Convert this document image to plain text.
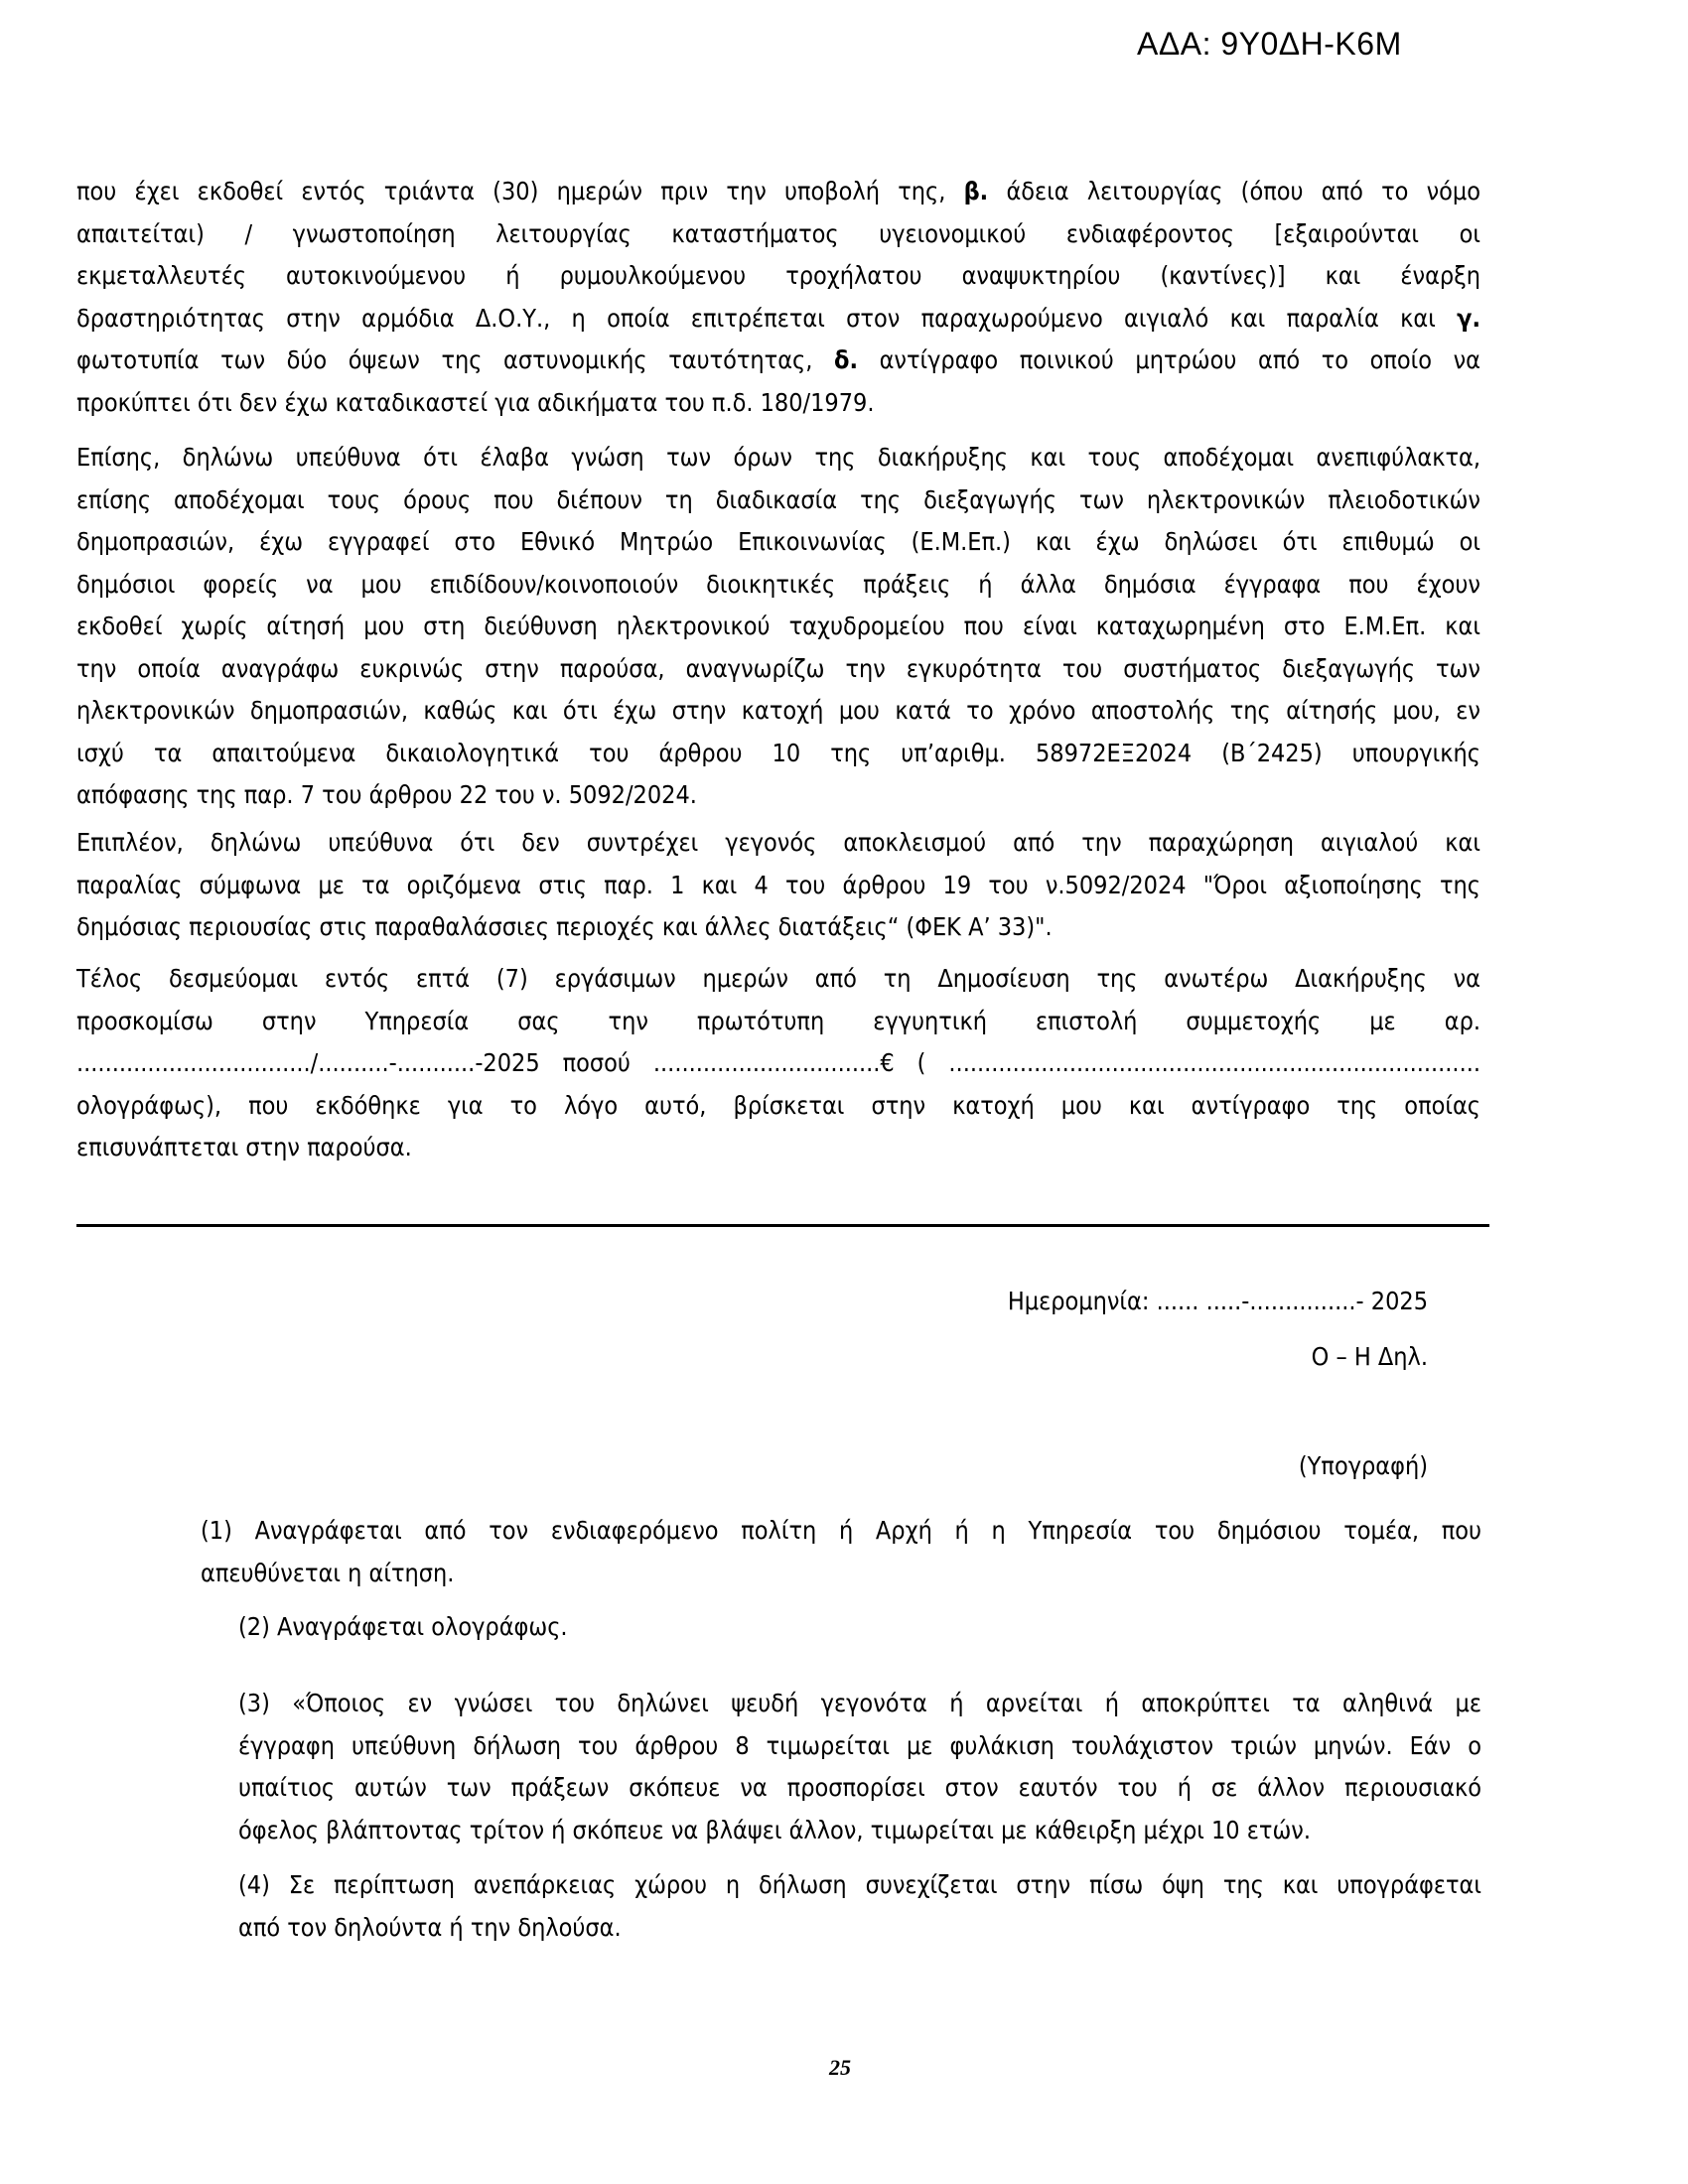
ΑΔΑ: 9Υ0ΔΗ-Κ6Μ
που έχει εκδοθεί εντός τριάντα (30) ημερών πριν την υποβολή της, β. άδεια λειτουργίας (όπου από το νόμο
απαιτείται) / γνωστοποίηση λειτουργίας καταστήματος υγειονομικού ενδιαφέροντος [εξαιρούνται οι
εκμεταλλευτές αυτοκινούμενου ή ρυμουλκούμενου τροχήλατου αναψυκτηρίου (καντίνες)] και έναρξη
δραστηριότητας στην αρμόδια Δ.Ο.Υ., η οποία επιτρέπεται στον παραχωρούμενο αιγιαλό και παραλία και γ.
φωτοτυπία των δύο όψεων της αστυνομικής ταυτότητας, δ. αντίγραφο ποινικού μητρώου από το οποίο να
προκύπτει ότι δεν έχω καταδικαστεί για αδικήματα του π.δ. 180/1979.
Επίσης, δηλώνω υπεύθυνα ότι έλαβα γνώση των όρων της διακήρυξης και τους αποδέχομαι ανεπιφύλακτα,
επίσης αποδέχομαι τους όρους που διέπουν τη διαδικασία της διεξαγωγής των ηλεκτρονικών πλειοδοτικών
δημοπρασιών, έχω εγγραφεί στο Εθνικό Μητρώο Επικοινωνίας (Ε.Μ.Επ.) και έχω δηλώσει ότι επιθυμώ οι
δημόσιοι φορείς να μου επιδίδουν/κοινοποιούν διοικητικές πράξεις ή άλλα δημόσια έγγραφα που έχουν
εκδοθεί χωρίς αίτησή μου στη διεύθυνση ηλεκτρονικού ταχυδρομείου που είναι καταχωρημένη στο Ε.Μ.Επ. και
την οποία αναγράφω ευκρινώς στην παρούσα, αναγνωρίζω την εγκυρότητα του συστήματος διεξαγωγής των
ηλεκτρονικών δημοπρασιών, καθώς και ότι έχω στην κατοχή μου κατά το χρόνο αποστολής της αίτησής μου, εν
ισχύ τα απαιτούμενα δικαιολογητικά του άρθρου 10 της υπ’αριθμ. 58972ΕΞ2024 (Β΄2425) υπουργικής
απόφασης της παρ. 7 του άρθρου 22 του ν. 5092/2024.
Επιπλέον, δηλώνω υπεύθυνα ότι δεν συντρέχει γεγονός αποκλεισμού από την παραχώρηση αιγιαλού και
παραλίας σύμφωνα με τα οριζόμενα στις παρ. 1 και 4 του άρθρου 19 του ν.5092/2024 "Όροι αξιοποίησης της
δημόσιας περιουσίας στις παραθαλάσσιες περιοχές και άλλες διατάξεις“ (ΦΕΚ Α’ 33)".
Τέλος δεσμεύομαι εντός επτά (7) εργάσιμων ημερών από τη Δημοσίευση της ανωτέρω Διακήρυξης να
προσκομίσω στην Υπηρεσία σας την πρωτότυπη εγγυητική επιστολή συμμετοχής με αρ.
................................./..........-...........-2025 ποσού ................................€ ( ...........................................................................
ολογράφως), που εκδόθηκε για το λόγο αυτό, βρίσκεται στην κατοχή μου και αντίγραφο της οποίας
επισυνάπτεται στην παρούσα.
Ημερομηνία: ...... .....-...............- 2025
Ο – Η Δηλ.
(Υπογραφή)
(1) Αναγράφεται από τον ενδιαφερόμενο πολίτη ή Αρχή ή η Υπηρεσία του δημόσιου τομέα, που
απευθύνεται η αίτηση.
(2) Αναγράφεται ολογράφως.
(3) «Όποιος εν γνώσει του δηλώνει ψευδή γεγονότα ή αρνείται ή αποκρύπτει τα αληθινά με
έγγραφη υπεύθυνη δήλωση του άρθρου 8 τιμωρείται με φυλάκιση τουλάχιστον τριών μηνών. Εάν ο
υπαίτιος αυτών των πράξεων σκόπευε να προσπορίσει στον εαυτόν του ή σε άλλον περιουσιακό
όφελος βλάπτοντας τρίτον ή σκόπευε να βλάψει άλλον, τιμωρείται με κάθειρξη μέχρι 10 ετών.
(4) Σε περίπτωση ανεπάρκειας χώρου η δήλωση συνεχίζεται στην πίσω όψη της και υπογράφεται
από τον δηλούντα ή την δηλούσα.
25
